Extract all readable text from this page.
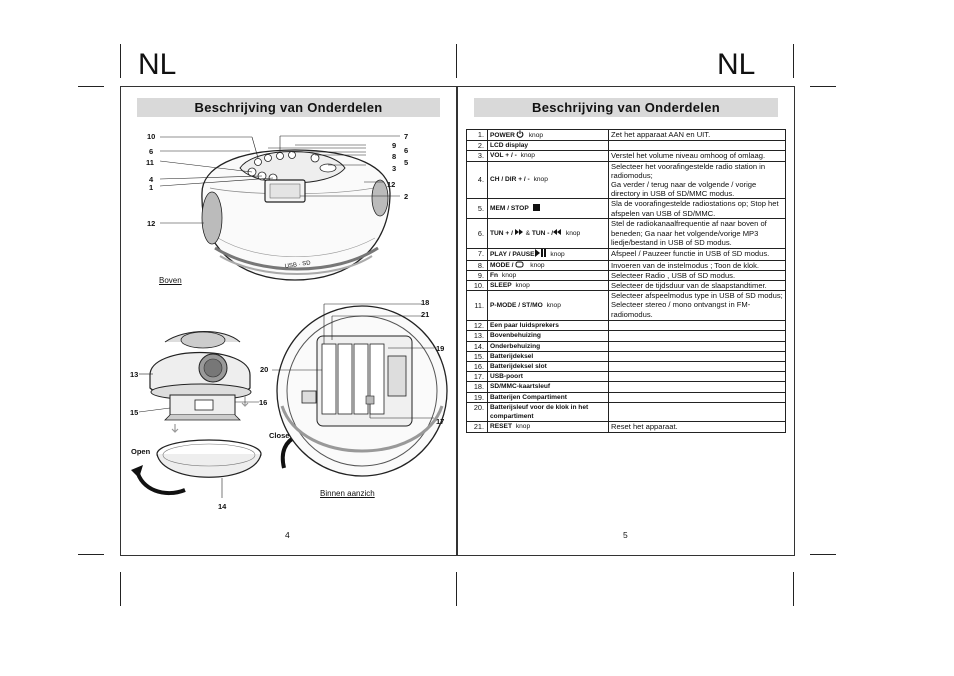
NL	NL
Beschrijving van Onderdelen	Beschrijving van Onderdelen
USB · SD
10
6
11
4
1
12
7
9
6
8
5
3
12
2
Boven
13
15
14
20
16
18
21
19
17
Open
Close
Binnen aanzich
4	5
1.	POWER knop	Zet het apparaat AAN en UIT.
2.	LCD display	
3.	VOL + / - knop	Verstel het volume niveau omhoog of omlaag.
4.	CH / DIR + / - knop	Selecteer het voorafingestelde radio station in radiomodus;
Ga verder / terug naar de volgende / vorige directory in USB of SD/MMC modus.
5.	MEM / STOP	Sla de voorafingestelde radiostations op; Stop het afspelen van USB of SD/MMC.
6.	TUN + /  & TUN - / knop	Stel de radiokanaalfrequentie af naar boven of beneden; Ga naar het volgende/vorige MP3 liedje/bestand in USB of SD modus.
7.	PLAY / PAUSE knop	Afspeel / Pauzeer functie in USB of SD modus.
8.	MODE / knop	Invoeren van de instelmodus ; Toon de klok.
9.	Fn knop	Selecteer Radio , USB of SD modus.
10.	SLEEP knop	Selecteer de tijdsduur van de slaapstandtimer.
11.	P-MODE / ST/MO knop	Selecteer afspeelmodus type in USB of SD modus; Selecteer stereo / mono ontvangst in FM-radiomodus.
12.	Een paar luidsprekers	
13.	Bovenbehuizing	
14.	Onderbehuizing	
15.	Batterijdeksel	
16.	Batterijdeksel slot	
17.	USB-poort	
18.	SD/MMC-kaartsleuf	
19.	Batterijen Compartiment	
20.	Batterijsleuf voor de klok in het compartiment	
21.	RESET knop	Reset het apparaat.
